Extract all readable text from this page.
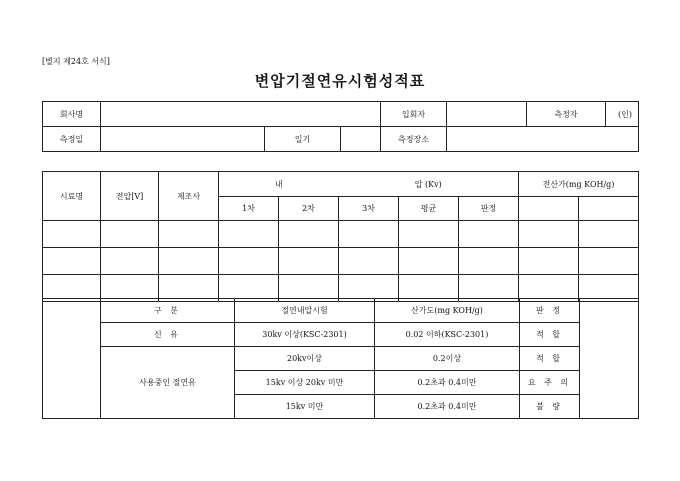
[별지 제24호 서식]
변압기절연유시험성적표
회사명				입회자		측정자	(인)
측정일		일기		측정장소			
시료명	전압[V]	제조사	내		압 (Kv)			전산가(mg KOH/g)	
			1차	2차	3차	평균	판정		

	구 분	절연내압시험	산가도(mg KOH/g)	판 정	
	신 유	30kv 이상(KSC-2301)	0.02 이하(KSC-2301)	적 합	
	사용중인 절연유	20kv이상	0.2이상	적 합	
		15kv 이상 20kv 미만	0.2초과 0.4미만	요 주 의	
		15kv 미만	0.2초과 0.4미만	불 량	
